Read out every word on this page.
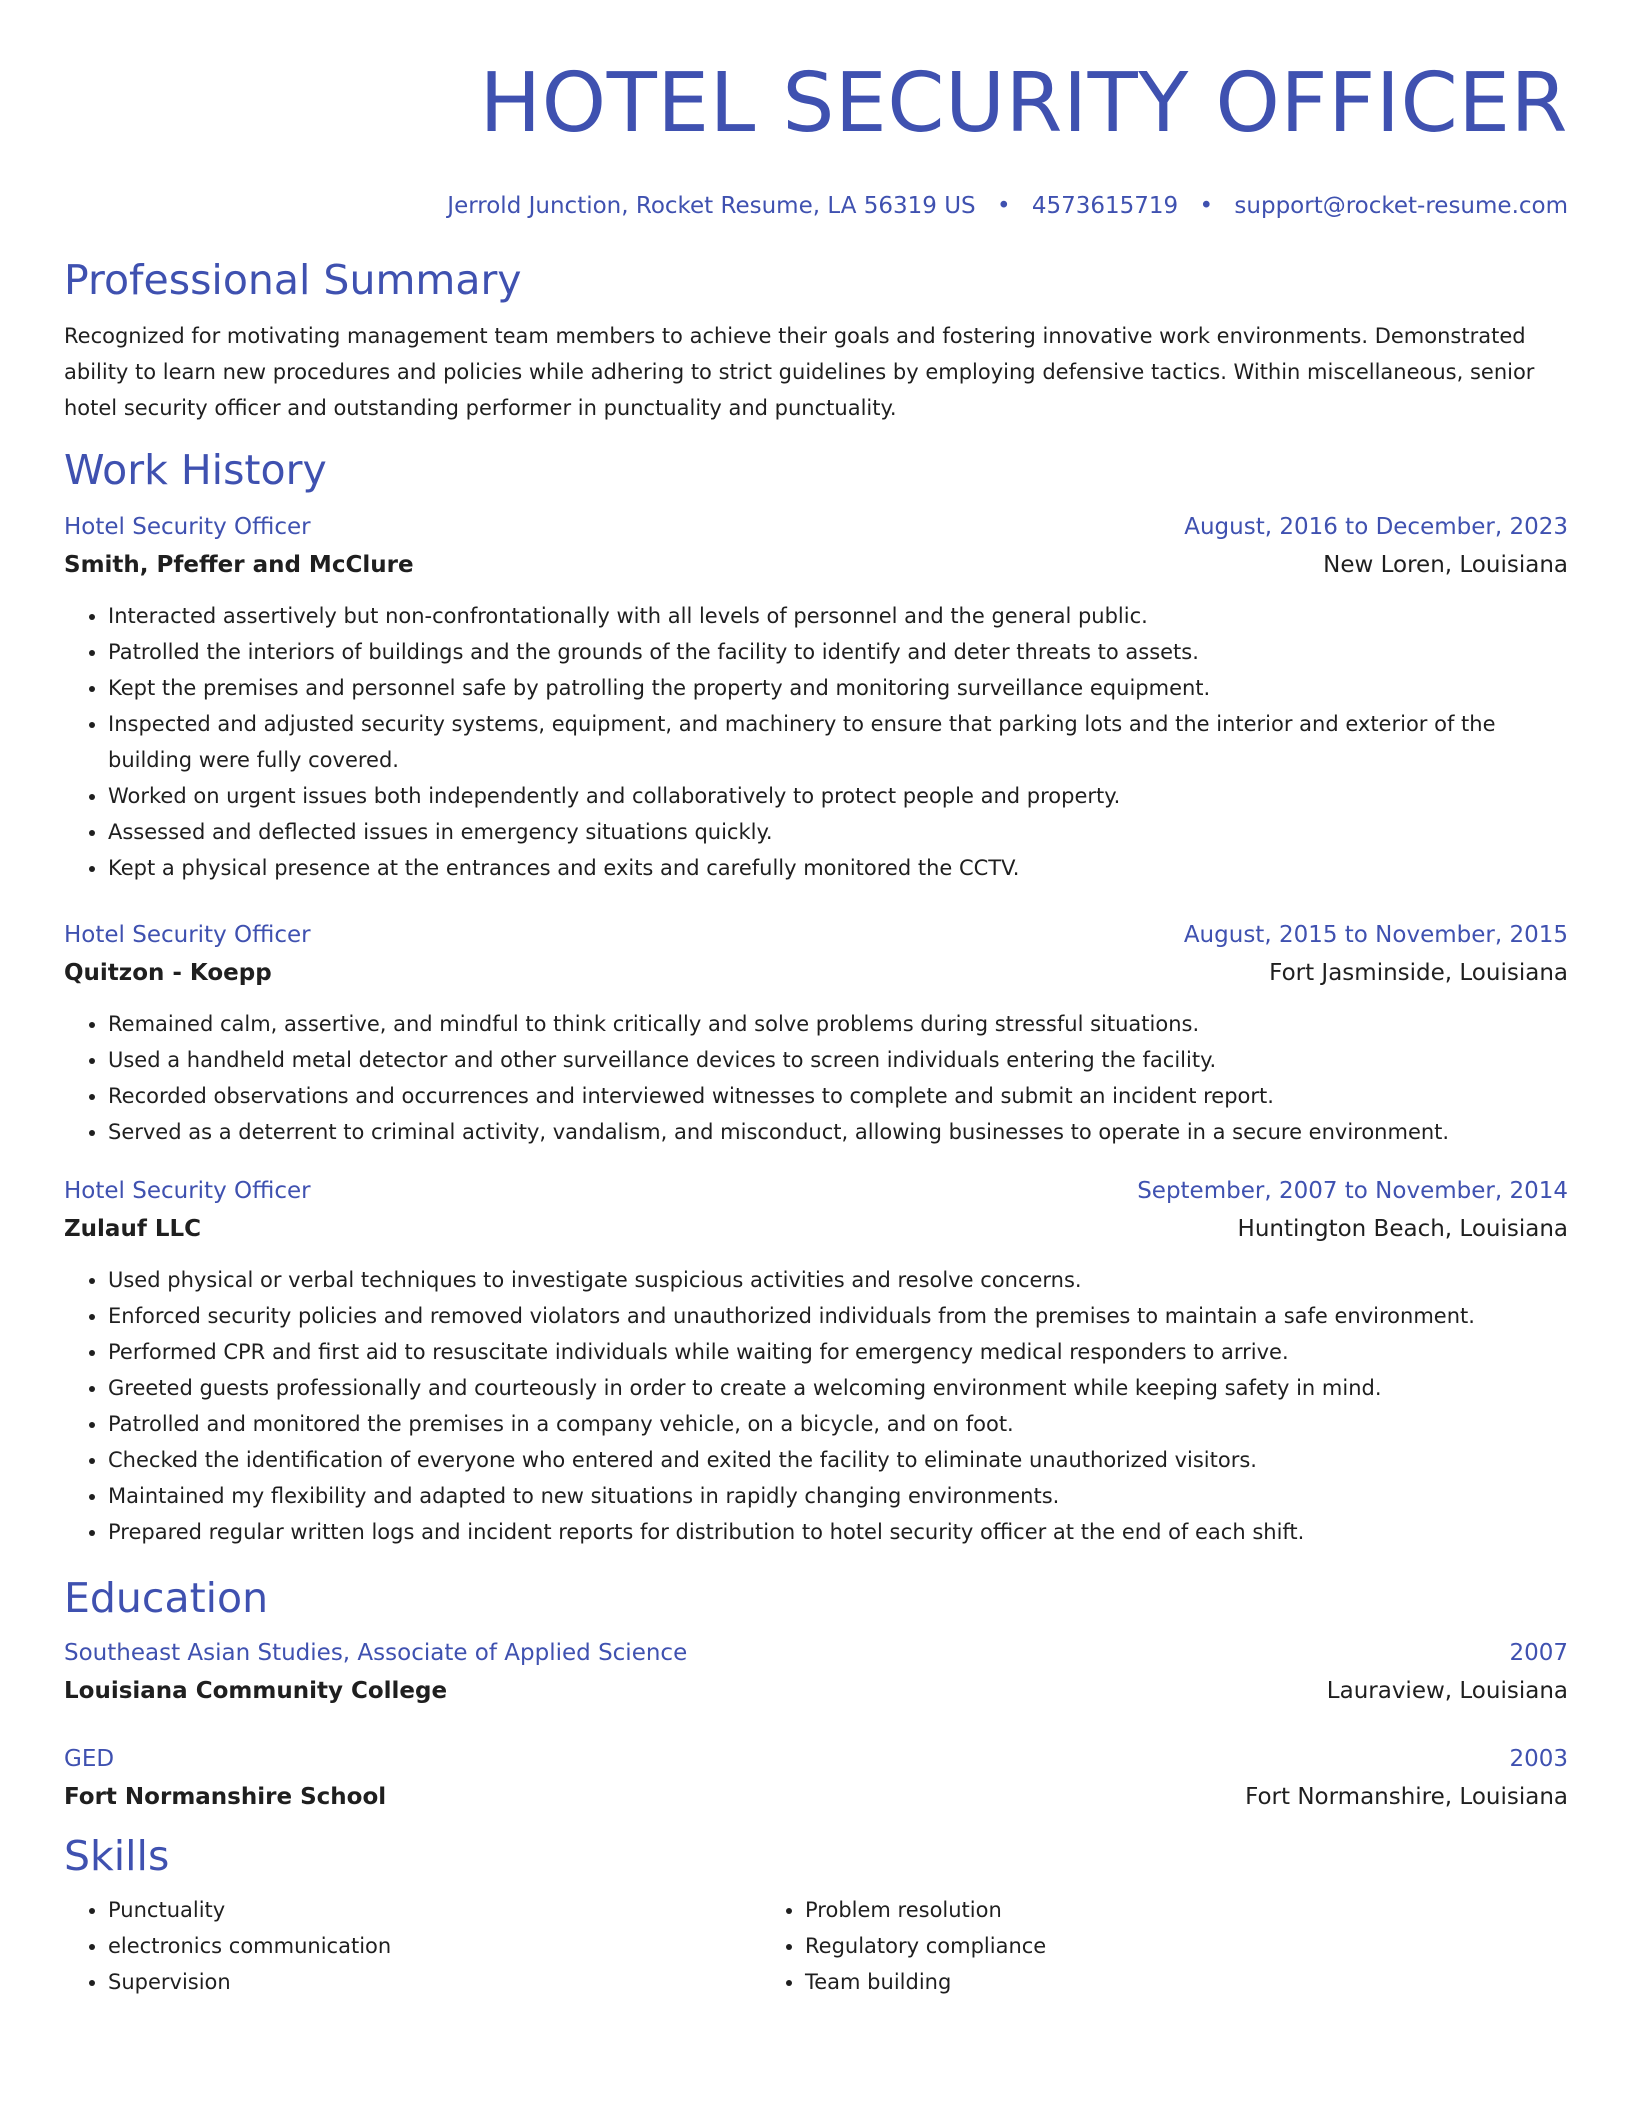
HOTEL SECURITY OFFICER
Jerrold Junction, Rocket Resume, LA 56319 US • 4573615719 • support@rocket-resume.com
Professional Summary
Recognized for motivating management team members to achieve their goals and fostering innovative work environments. Demonstrated ability to learn new procedures and policies while adhering to strict guidelines by employing defensive tactics. Within miscellaneous, senior hotel security officer and outstanding performer in punctuality and punctuality.
Work History
Hotel Security Officer	August, 2016 to December, 2023
Smith, Pfeffer and McClure	New Loren, Louisiana
• Interacted assertively but non-confrontationally with all levels of personnel and the general public.
• Patrolled the interiors of buildings and the grounds of the facility to identify and deter threats to assets.
• Kept the premises and personnel safe by patrolling the property and monitoring surveillance equipment.
• Inspected and adjusted security systems, equipment, and machinery to ensure that parking lots and the interior and exterior of the building were fully covered.
• Worked on urgent issues both independently and collaboratively to protect people and property.
• Assessed and deflected issues in emergency situations quickly.
• Kept a physical presence at the entrances and exits and carefully monitored the CCTV.
Hotel Security Officer	August, 2015 to November, 2015
Quitzon - Koepp	Fort Jasminside, Louisiana
• Remained calm, assertive, and mindful to think critically and solve problems during stressful situations.
• Used a handheld metal detector and other surveillance devices to screen individuals entering the facility.
• Recorded observations and occurrences and interviewed witnesses to complete and submit an incident report.
• Served as a deterrent to criminal activity, vandalism, and misconduct, allowing businesses to operate in a secure environment.
Hotel Security Officer	September, 2007 to November, 2014
Zulauf LLC	Huntington Beach, Louisiana
• Used physical or verbal techniques to investigate suspicious activities and resolve concerns.
• Enforced security policies and removed violators and unauthorized individuals from the premises to maintain a safe environment.
• Performed CPR and first aid to resuscitate individuals while waiting for emergency medical responders to arrive.
• Greeted guests professionally and courteously in order to create a welcoming environment while keeping safety in mind.
• Patrolled and monitored the premises in a company vehicle, on a bicycle, and on foot.
• Checked the identification of everyone who entered and exited the facility to eliminate unauthorized visitors.
• Maintained my flexibility and adapted to new situations in rapidly changing environments.
• Prepared regular written logs and incident reports for distribution to hotel security officer at the end of each shift.
Education
Southeast Asian Studies, Associate of Applied Science	2007
Louisiana Community College	Lauraview, Louisiana
GED	2003
Fort Normanshire School	Fort Normanshire, Louisiana
Skills
• Punctuality
• electronics communication
• Supervision
• Problem resolution
• Regulatory compliance
• Team building
